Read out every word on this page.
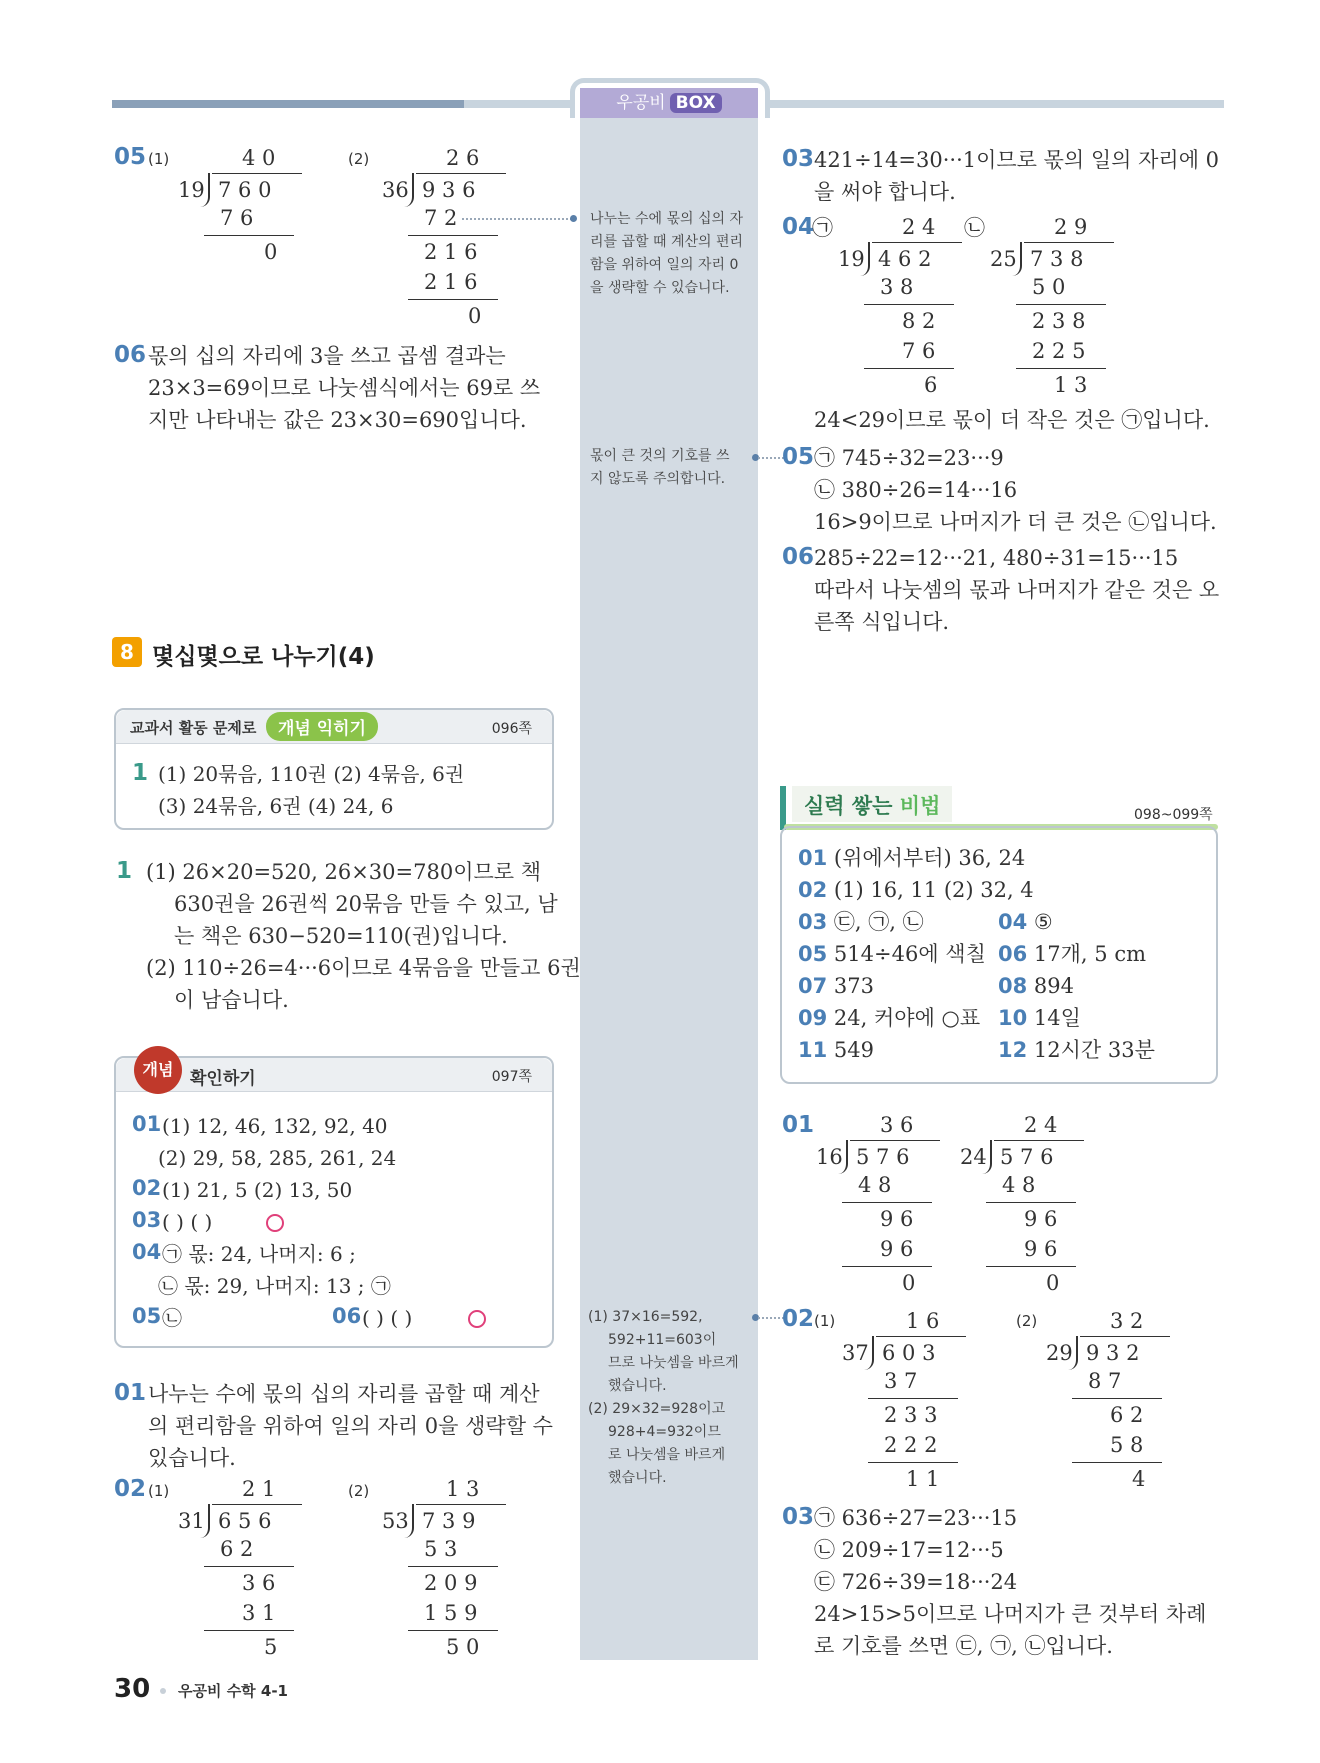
우공비 BOX
05 (1)	(2)
4 0
19 7 6 0
7 6
0
2 6
36 9 3 6
7 2
2 1 6
2 1 6
0
06 몫의 십의 자리에 3을 쓰고 곱셈 결과는
23×3=69이므로 나눗셈식에서는 69로 쓰
지만 나타내는 값은 23×30=690입니다.
8 몇십몇으로 나누기(4)
교과서 활동 문제로	개념 익히기	096쪽
1 (1) 20묶음, 110권 (2) 4묶음, 6권
(3) 24묶음, 6권 (4) 24, 6
1 (1) 26×20=520, 26×30=780이므로 책
630권을 26권씩 20묶음 만들 수 있고, 남
는 책은 630−520=110(권)입니다.
(2) 110÷26=4···6이므로 4묶음을 만들고 6권
이 남습니다.
개념 확인하기	097쪽
01 (1) 12, 46, 132, 92, 40
(2) 29, 58, 285, 261, 24
02 (1) 21, 5 (2) 13, 50
03 ( ) ( )
04 ㉠ 몫: 24, 나머지: 6 ;
㉡ 몫: 29, 나머지: 13 ; ㉠
05 ㉡	06 ( ) ( )
01 나누는 수에 몫의 십의 자리를 곱할 때 계산
의 편리함을 위하여 일의 자리 0을 생략할 수
있습니다.
02 (1)	(2)
2 1
31 6 5 6
6 2
3 6
3 1
5
1 3
53 7 3 9
5 3
2 0 9
1 5 9
5 0
30 우공비 수학 4-1
나누는 수에 몫의 십의 자
리를 곱할 때 계산의 편리
함을 위하여 일의 자리 0
을 생략할 수 있습니다.
몫이 큰 것의 기호를 쓰
지 않도록 주의합니다.
(1) 37×16=592,
592+11=603이
므로 나눗셈을 바르게
했습니다.
(2) 29×32=928이고
928+4=932이므
로 나눗셈을 바르게
했습니다.
03 421÷14=30···1이므로 몫의 일의 자리에 0
을 써야 합니다.
04
㉠	㉡
2 4
19 4 6 2
3 8
8 2
7 6
6
2 9
25 7 3 8
5 0
2 3 8
2 2 5
1 3
24<29이므로 몫이 더 작은 것은 ㉠입니다.
05 ㉠ 745÷32=23···9
㉡ 380÷26=14···16
16>9이므로 나머지가 더 큰 것은 ㉡입니다.
06 285÷22=12···21, 480÷31=15···15
따라서 나눗셈의 몫과 나머지가 같은 것은 오
른쪽 식입니다.
실력 쌓는 비법	098~099쪽
01 (위에서부터) 36, 24
02 (1) 16, 11 (2) 32, 4
03 ㉢, ㉠, ㉡	04 ⑤
05 514÷46에 색칠 06 17개, 5 cm
07 373	08 894
09 24, 커야에 ○표 10 14일
11 549	12 12시간 33분
01	3 6
16 5 7 6
4 8
9 6
9 6
0
2 4
24 5 7 6
4 8
9 6
9 6
0
02 (1)	(2)
1 6
37 6 0 3
3 7
2 3 3
2 2 2
1 1
3 2
29 9 3 2
8 7
6 2
5 8
4
03 ㉠ 636÷27=23···15
㉡ 209÷17=12···5
㉢ 726÷39=18···24
24>15>5이므로 나머지가 큰 것부터 차례
로 기호를 쓰면 ㉢, ㉠, ㉡입니다.
